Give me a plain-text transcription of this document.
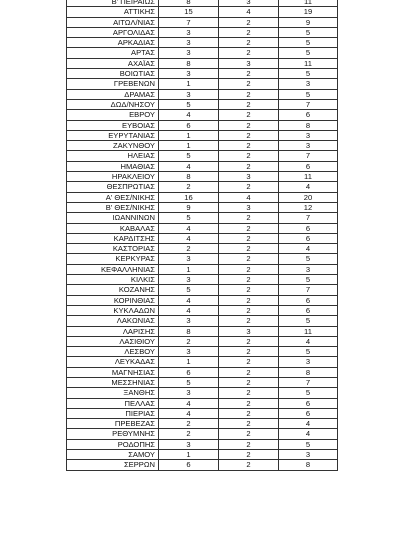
Β' ΠΕΙΡΑΙΩΣ	8	3	11
ΑΤΤΙΚΗΣ	15	4	19
ΑΙΤΩΛ/ΝΙΑΣ	7	2	9
ΑΡΓΟΛΙΔΑΣ	3	2	5
ΑΡΚΑΔΙΑΣ	3	2	5
ΑΡΤΑΣ	3	2	5
ΑΧΑΪΑΣ	8	3	11
ΒΟΙΩΤΙΑΣ	3	2	5
ΓΡΕΒΕΝΩΝ	1	2	3
ΔΡΑΜΑΣ	3	2	5
ΔΩΔ/ΝΗΣΟΥ	5	2	7
ΕΒΡΟΥ	4	2	6
ΕΥΒΟΙΑΣ	6	2	8
ΕΥΡΥΤΑΝΙΑΣ	1	2	3
ΖΑΚΥΝΘΟΥ	1	2	3
ΗΛΕΙΑΣ	5	2	7
ΗΜΑΘΙΑΣ	4	2	6
ΗΡΑΚΛΕΙΟΥ	8	3	11
ΘΕΣΠΡΩΤΙΑΣ	2	2	4
Α' ΘΕΣ/ΝΙΚΗΣ	16	4	20
Β' ΘΕΣ/ΝΙΚΗΣ	9	3	12
ΙΩΑΝΝΙΝΩΝ	5	2	7
ΚΑΒΑΛΑΣ	4	2	6
ΚΑΡΔΙΤΣΗΣ	4	2	6
ΚΑΣΤΟΡΙΑΣ	2	2	4
ΚΕΡΚΥΡΑΣ	3	2	5
ΚΕΦΑΛΛΗΝΙΑΣ	1	2	3
ΚΙΛΚΙΣ	3	2	5
ΚΟΖΑΝΗΣ	5	2	7
ΚΟΡΙΝΘΙΑΣ	4	2	6
ΚΥΚΛΑΔΩΝ	4	2	6
ΛΑΚΩΝΙΑΣ	3	2	5
ΛΑΡΙΣΗΣ	8	3	11
ΛΑΣΙΘΙΟΥ	2	2	4
ΛΕΣΒΟΥ	3	2	5
ΛΕΥΚΑΔΑΣ	1	2	3
ΜΑΓΝΗΣΙΑΣ	6	2	8
ΜΕΣΣΗΝΙΑΣ	5	2	7
ΞΑΝΘΗΣ	3	2	5
ΠΕΛΛΑΣ	4	2	6
ΠΙΕΡΙΑΣ	4	2	6
ΠΡΕΒΕΖΑΣ	2	2	4
ΡΕΘΥΜΝΗΣ	2	2	4
ΡΟΔΟΠΗΣ	3	2	5
ΣΑΜΟΥ	1	2	3
ΣΕΡΡΩΝ	6	2	8
